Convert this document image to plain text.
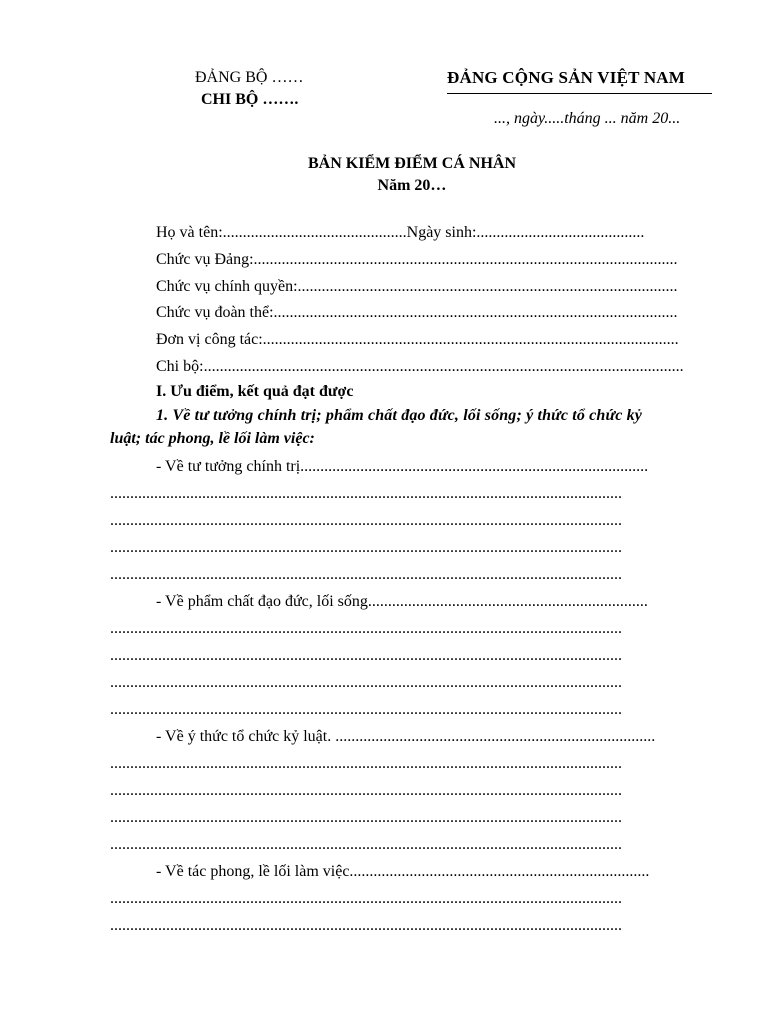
ĐẢNG BỘ ……
CHI BỘ …….
ĐẢNG CỘNG SẢN VIỆT NAM
..., ngày.....tháng ... năm 20...
BẢN KIỂM ĐIỂM CÁ NHÂN
Năm 20…
Họ và tên:..............................................Ngày sinh:..........................................
Chức vụ Đảng:..........................................................................................................
Chức vụ chính quyền:...............................................................................................
Chức vụ đoàn thể:.....................................................................................................
Đơn vị công tác:........................................................................................................
Chi bộ:........................................................................................................................
I. Ưu điểm, kết quả đạt được
1. Về tư tưởng chính trị; phẩm chất đạo đức, lối sống; ý thức tổ chức kỷ
luật; tác phong, lề lối làm việc:
- Về tư tưởng chính trị.......................................................................................
................................................................................................................................
................................................................................................................................
................................................................................................................................
................................................................................................................................
- Về phẩm chất đạo đức, lối sống......................................................................
................................................................................................................................
................................................................................................................................
................................................................................................................................
................................................................................................................................
- Về ý thức tổ chức kỷ luật. ................................................................................
................................................................................................................................
................................................................................................................................
................................................................................................................................
................................................................................................................................
- Về tác phong, lề lối làm việc...........................................................................
................................................................................................................................
................................................................................................................................
